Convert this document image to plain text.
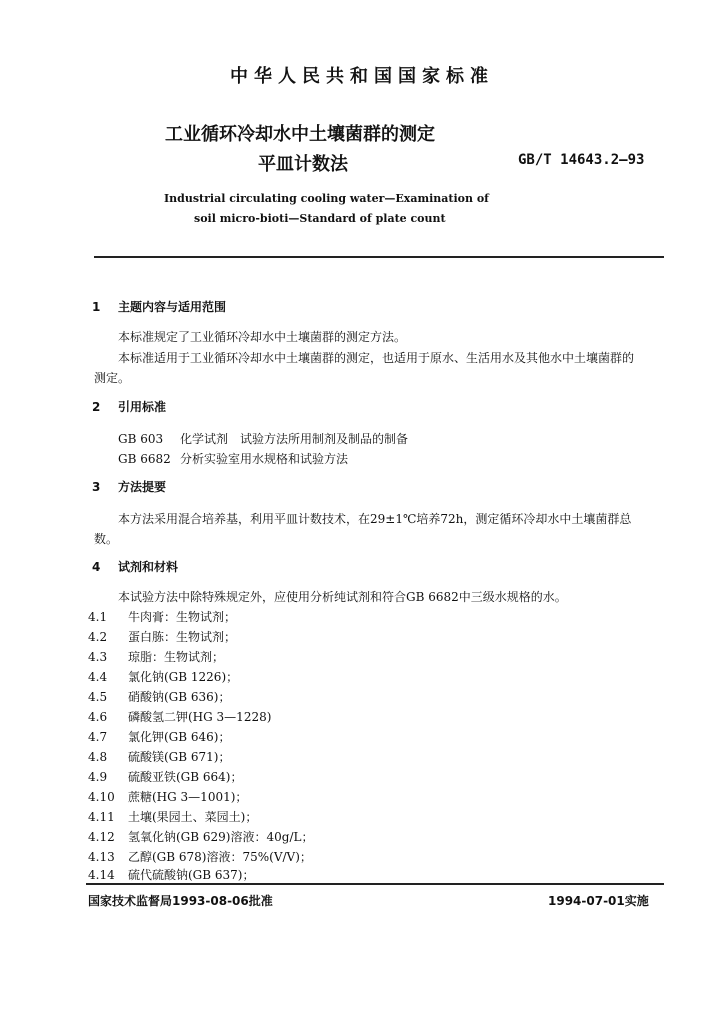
中华人民共和国国家标准
工业循环冷却水中土壤菌群的测定
平皿计数法	GB/T 14643.2—93
Industrial circulating cooling water—Examination of
soil micro-bioti—Standard of plate count
1 主题内容与适用范围
本标准规定了工业循环冷却水中土壤菌群的测定方法。
本标准适用于工业循环冷却水中土壤菌群的测定，也适用于原水、生活用水及其他水中土壤菌群的
测定。
2 引用标准
GB 603 化学试剂　试验方法所用制剂及制品的制备
GB 6682 分析实验室用水规格和试验方法
3 方法提要
本方法采用混合培养基，利用平皿计数技术，在29±1℃培养72h，测定循环冷却水中土壤菌群总
数。
4 试剂和材料
本试验方法中除特殊规定外，应使用分析纯试剂和符合GB 6682中三级水规格的水。
4.1 牛肉膏：生物试剂；
4.2 蛋白胨：生物试剂；
4.3 琼脂：生物试剂；
4.4 氯化钠(GB 1226)；
4.5 硝酸钠(GB 636)；
4.6 磷酸氢二钾(HG 3—1228)
4.7 氯化钾(GB 646)；
4.8 硫酸镁(GB 671)；
4.9 硫酸亚铁(GB 664)；
4.10 蔗糖(HG 3—1001)；
4.11 土壤(果园土、菜园土)；
4.12 氢氧化钠(GB 629)溶液：40g/L；
4.13 乙醇(GB 678)溶液：75%(V/V)；
4.14 硫代硫酸钠(GB 637)；
国家技术监督局1993-08-06批准	1994-07-01实施
